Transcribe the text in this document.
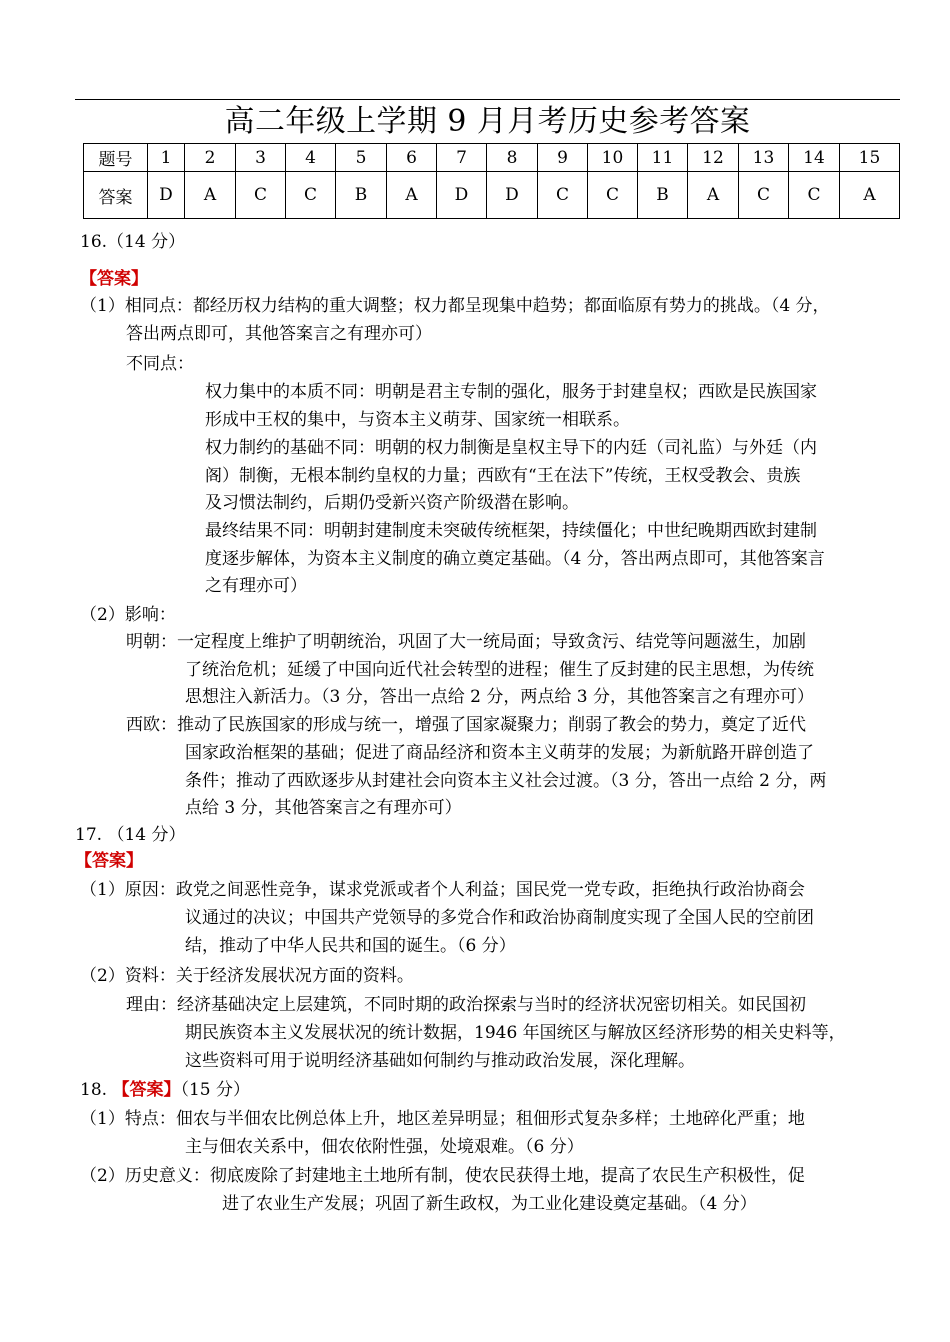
高二年级上学期 9 月月考历史参考答案
题号	1	2	3	4	5	6	7	8	9	10	11	12	13	14	15
答案	D	A	C	C	B	A	D	D	C	C	B	A	C	C	A
16.（14 分）
【答案】
（1）相同点：都经历权力结构的重大调整；权力都呈现集中趋势；都面临原有势力的挑战。（4 分，
答出两点即可，其他答案言之有理亦可）
不同点：
权力集中的本质不同：明朝是君主专制的强化，服务于封建皇权；西欧是民族国家
形成中王权的集中，与资本主义萌芽、国家统一相联系。
权力制约的基础不同：明朝的权力制衡是皇权主导下的内廷（司礼监）与外廷（内
阁）制衡，无根本制约皇权的力量；西欧有“王在法下”传统，王权受教会、贵族
及习惯法制约，后期仍受新兴资产阶级潜在影响。
最终结果不同：明朝封建制度未突破传统框架，持续僵化；中世纪晚期西欧封建制
度逐步解体，为资本主义制度的确立奠定基础。（4 分，答出两点即可，其他答案言
之有理亦可）
（2）影响：
明朝：一定程度上维护了明朝统治，巩固了大一统局面；导致贪污、结党等问题滋生，加剧
了统治危机；延缓了中国向近代社会转型的进程；催生了反封建的民主思想，为传统
思想注入新活力。（3 分，答出一点给 2 分，两点给 3 分，其他答案言之有理亦可）
西欧：推动了民族国家的形成与统一，增强了国家凝聚力；削弱了教会的势力，奠定了近代
国家政治框架的基础；促进了商品经济和资本主义萌芽的发展；为新航路开辟创造了
条件；推动了西欧逐步从封建社会向资本主义社会过渡。（3 分，答出一点给 2 分，两
点给 3 分，其他答案言之有理亦可）
17. （14 分）
【答案】
（1）原因：政党之间恶性竞争，谋求党派或者个人利益；国民党一党专政，拒绝执行政治协商会
议通过的决议；中国共产党领导的多党合作和政治协商制度实现了全国人民的空前团
结，推动了中华人民共和国的诞生。（6 分）
（2）资料：关于经济发展状况方面的资料。
理由：经济基础决定上层建筑，不同时期的政治探索与当时的经济状况密切相关。如民国初
期民族资本主义发展状况的统计数据，1946 年国统区与解放区经济形势的相关史料等，
这些资料可用于说明经济基础如何制约与推动政治发展，深化理解。
18. 【答案】（15 分）
（1）特点：佃农与半佃农比例总体上升，地区差异明显；租佃形式复杂多样；土地碎化严重；地
主与佃农关系中，佃农依附性强，处境艰难。（6 分）
（2）历史意义：彻底废除了封建地主土地所有制，使农民获得土地，提高了农民生产积极性，促
进了农业生产发展；巩固了新生政权，为工业化建设奠定基础。（4 分）
